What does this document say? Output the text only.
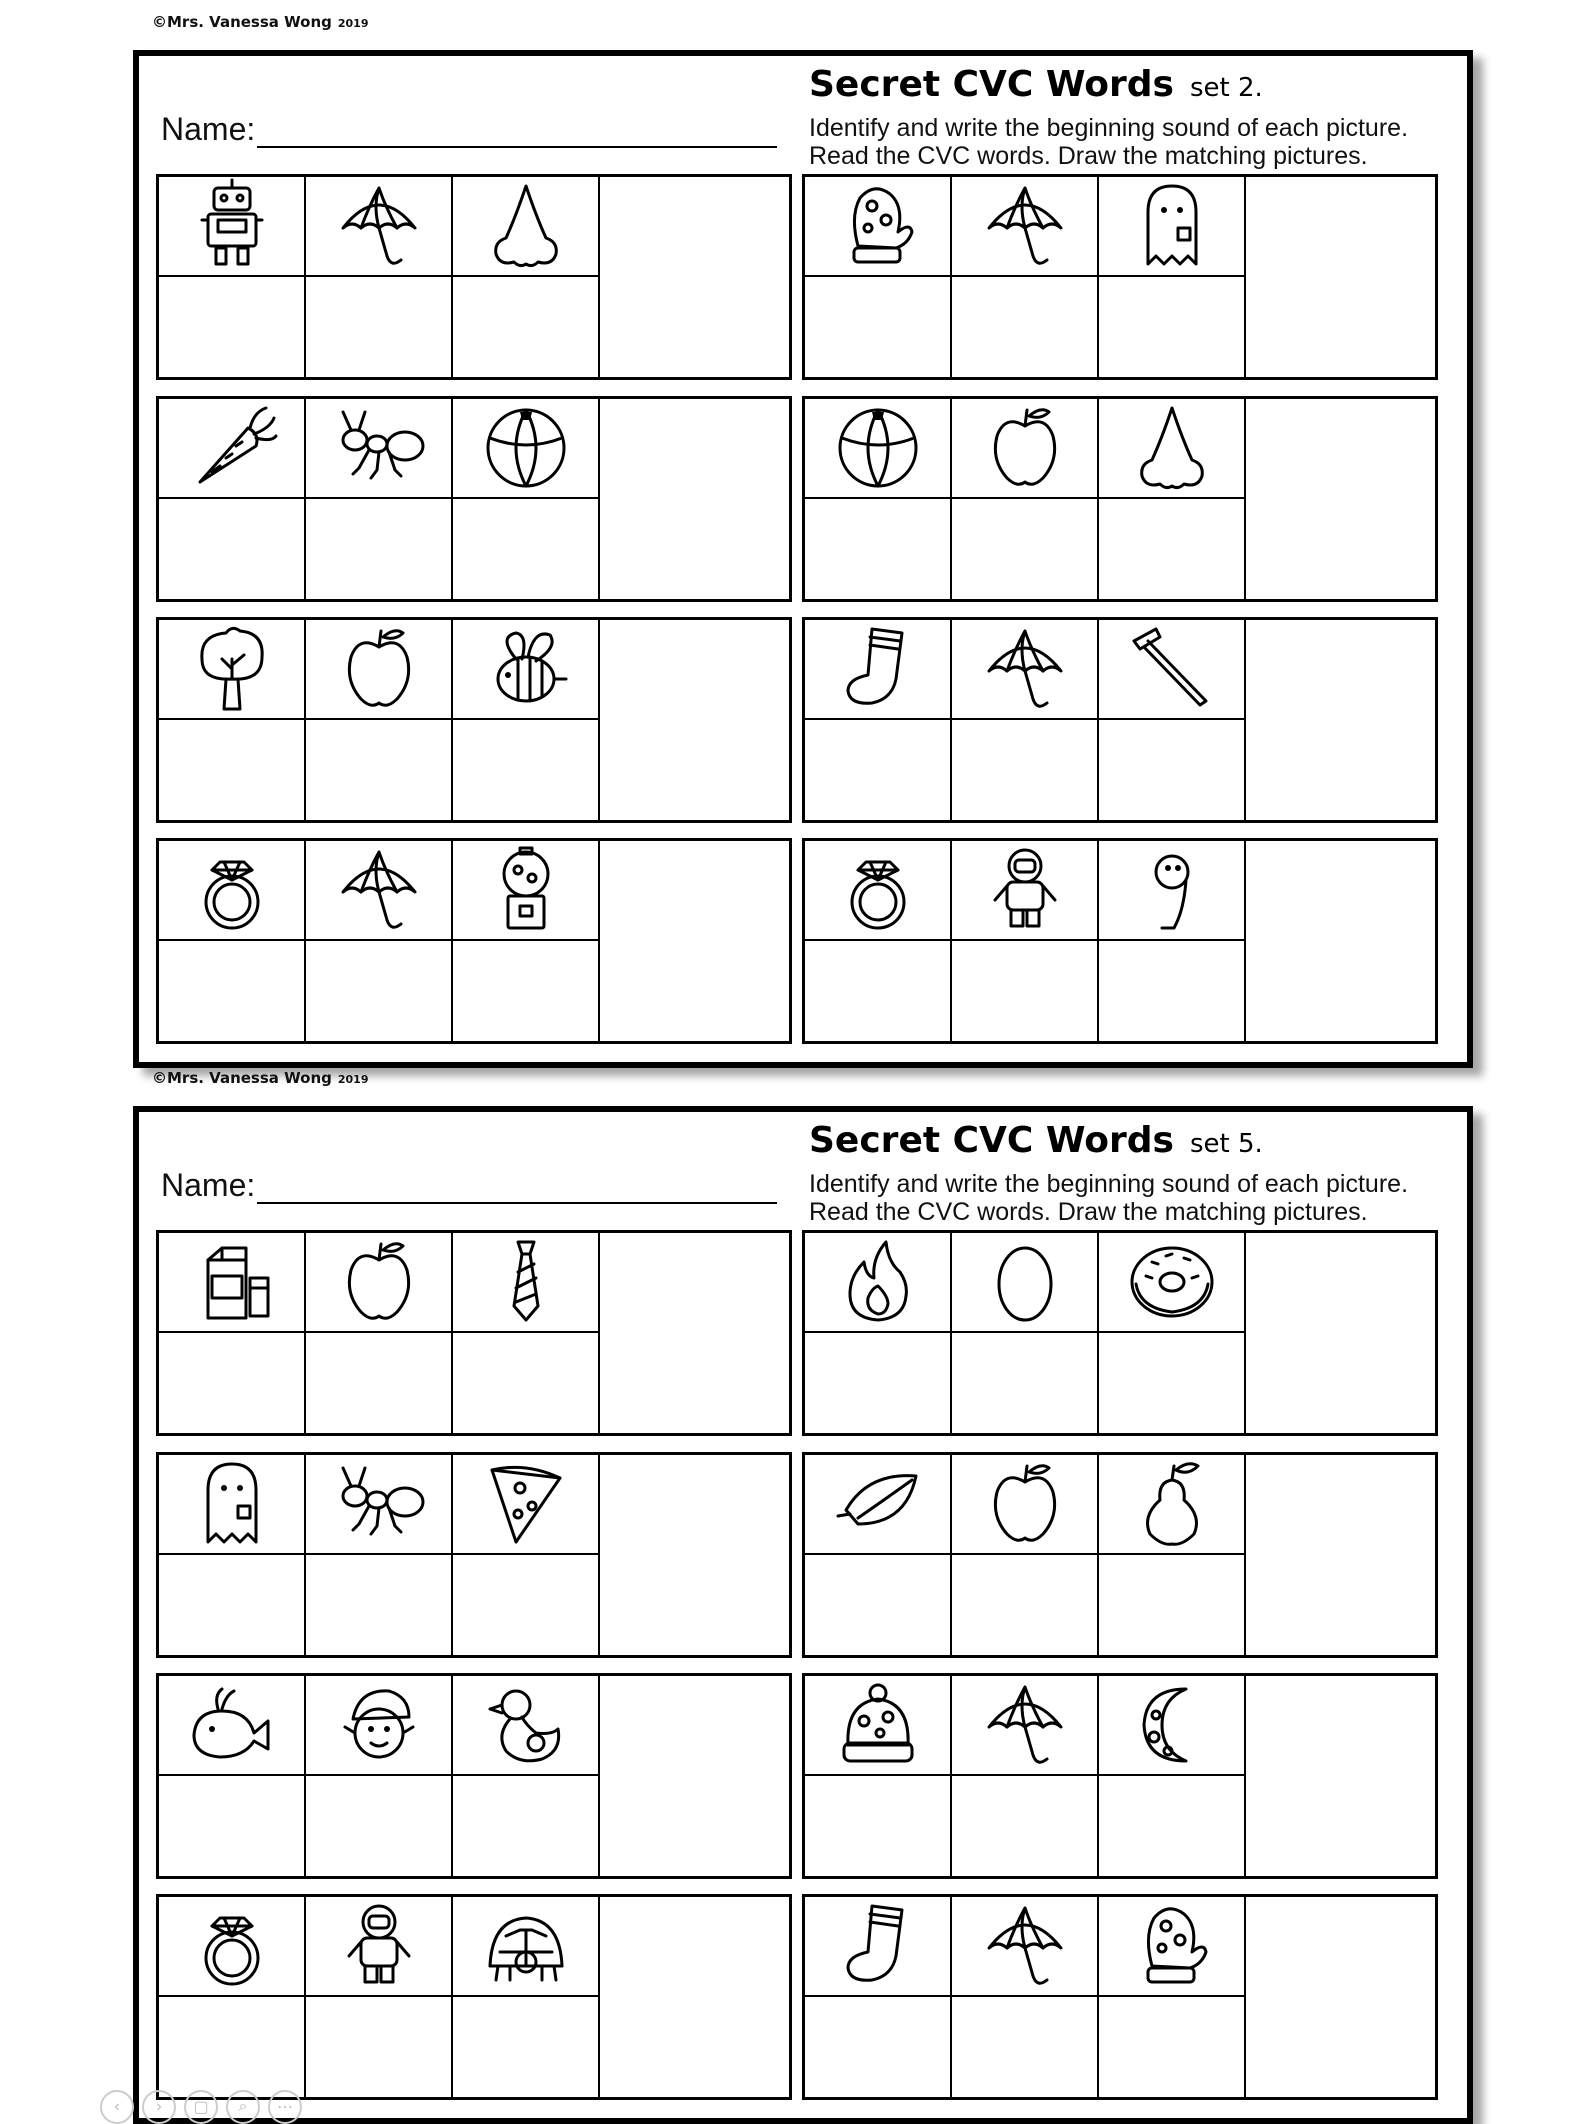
©Mrs. Vanessa Wong 2019
Name:
Secret CVC Words set 2.
Identify and write the beginning sound of each picture.
Read the CVC words. Draw the matching pictures.
©Mrs. Vanessa Wong 2019
Name:
Secret CVC Words set 5.
Identify and write the beginning sound of each picture.
Read the CVC words. Draw the matching pictures.
‹	›	▢	⌕	⋯
